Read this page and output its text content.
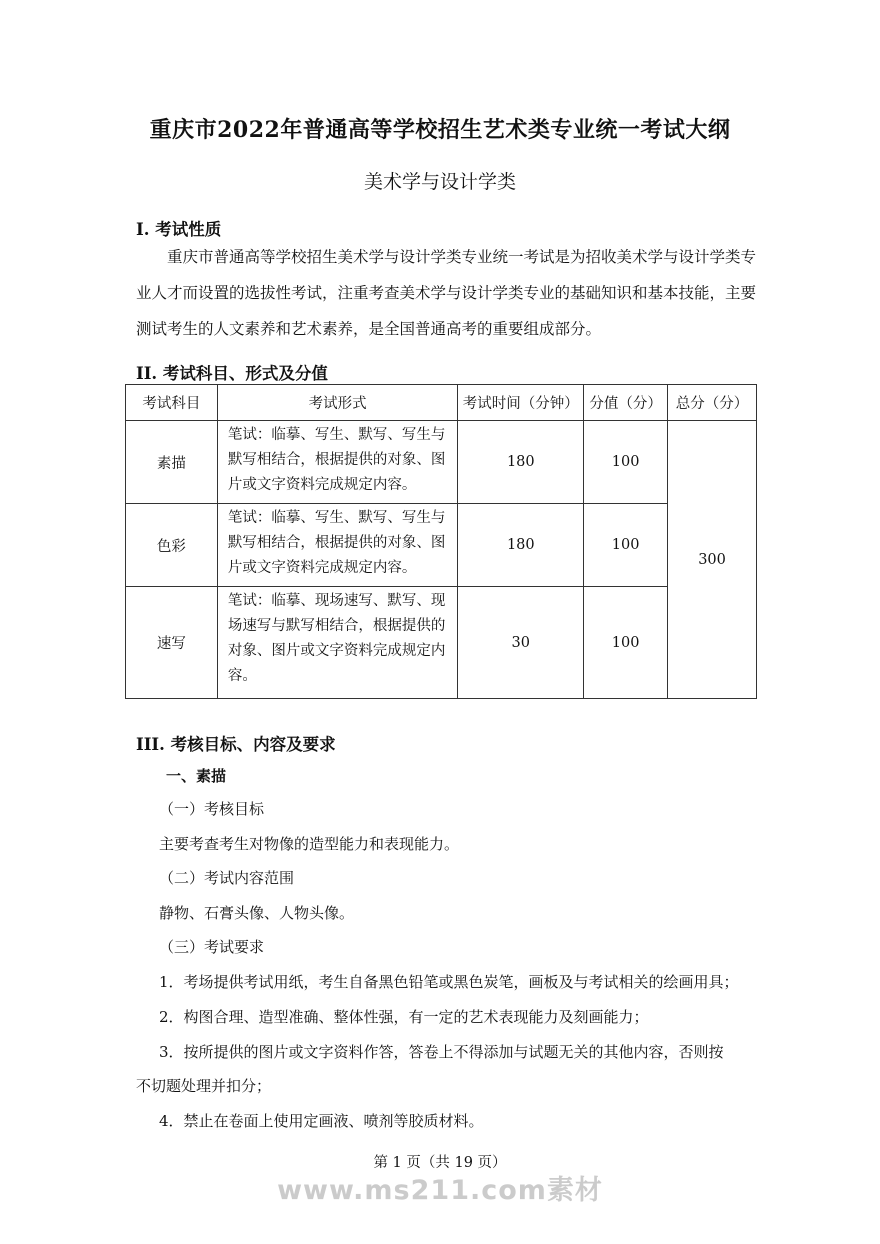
重庆市2022年普通高等学校招生艺术类专业统一考试大纲
美术学与设计学类
I. 考试性质
重庆市普通高等学校招生美术学与设计学类专业统一考试是为招收美术学与设计学类专业人才而设置的选拔性考试，注重考查美术学与设计学类专业的基础知识和基本技能，主要测试考生的人文素养和艺术素养，是全国普通高考的重要组成部分。
II. 考试科目、形式及分值
考试科目	考试形式	考试时间（分钟）	分值（分）	总分（分）
素描	笔试：临摹、写生、默写、写生与默写相结合，根据提供的对象、图片或文字资料完成规定内容。	180	100	300
色彩	笔试：临摹、写生、默写、写生与默写相结合，根据提供的对象、图片或文字资料完成规定内容。	180	100	
速写	笔试：临摹、现场速写、默写、现场速写与默写相结合，根据提供的对象、图片或文字资料完成规定内容。	30	100	
III. 考核目标、内容及要求
一、素描
（一）考核目标
主要考查考生对物像的造型能力和表现能力。
（二）考试内容范围
静物、石膏头像、人物头像。
（三）考试要求
1．考场提供考试用纸，考生自备黑色铅笔或黑色炭笔，画板及与考试相关的绘画用具；
2．构图合理、造型准确、整体性强，有一定的艺术表现能力及刻画能力；
3．按所提供的图片或文字资料作答，答卷上不得添加与试题无关的其他内容，否则按
不切题处理并扣分；
4．禁止在卷面上使用定画液、喷剂等胶质材料。
第 1 页（共 19 页）
www.ms211.com素材
